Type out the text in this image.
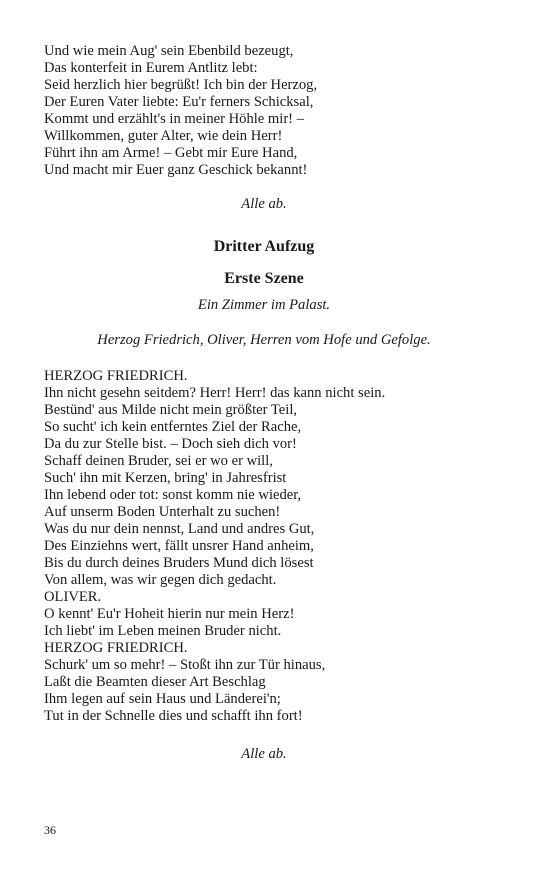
Und wie mein Aug' sein Ebenbild bezeugt,
Das konterfeit in Eurem Antlitz lebt:
Seid herzlich hier begrüßt! Ich bin der Herzog,
Der Euren Vater liebte: Eu'r ferners Schicksal,
Kommt und erzählt's in meiner Höhle mir! –
Willkommen, guter Alter, wie dein Herr!
Führt ihn am Arme! – Gebt mir Eure Hand,
Und macht mir Euer ganz Geschick bekannt!
Alle ab.
Dritter Aufzug
Erste Szene
Ein Zimmer im Palast.
Herzog Friedrich, Oliver, Herren vom Hofe und Gefolge.
HERZOG FRIEDRICH.
Ihn nicht gesehn seitdem? Herr! Herr! das kann nicht sein.
Bestünd' aus Milde nicht mein größter Teil,
So sucht' ich kein entferntes Ziel der Rache,
Da du zur Stelle bist. – Doch sieh dich vor!
Schaff deinen Bruder, sei er wo er will,
Such' ihn mit Kerzen, bring' in Jahresfrist
Ihn lebend oder tot: sonst komm nie wieder,
Auf unserm Boden Unterhalt zu suchen!
Was du nur dein nennst, Land und andres Gut,
Des Einziehns wert, fällt unsrer Hand anheim,
Bis du durch deines Bruders Mund dich lösest
Von allem, was wir gegen dich gedacht.
OLIVER.
O kennt' Eu'r Hoheit hierin nur mein Herz!
Ich liebt' im Leben meinen Bruder nicht.
HERZOG FRIEDRICH.
Schurk' um so mehr! – Stoßt ihn zur Tür hinaus,
Laßt die Beamten dieser Art Beschlag
Ihm legen auf sein Haus und Länderei'n;
Tut in der Schnelle dies und schafft ihn fort!
Alle ab.
36
